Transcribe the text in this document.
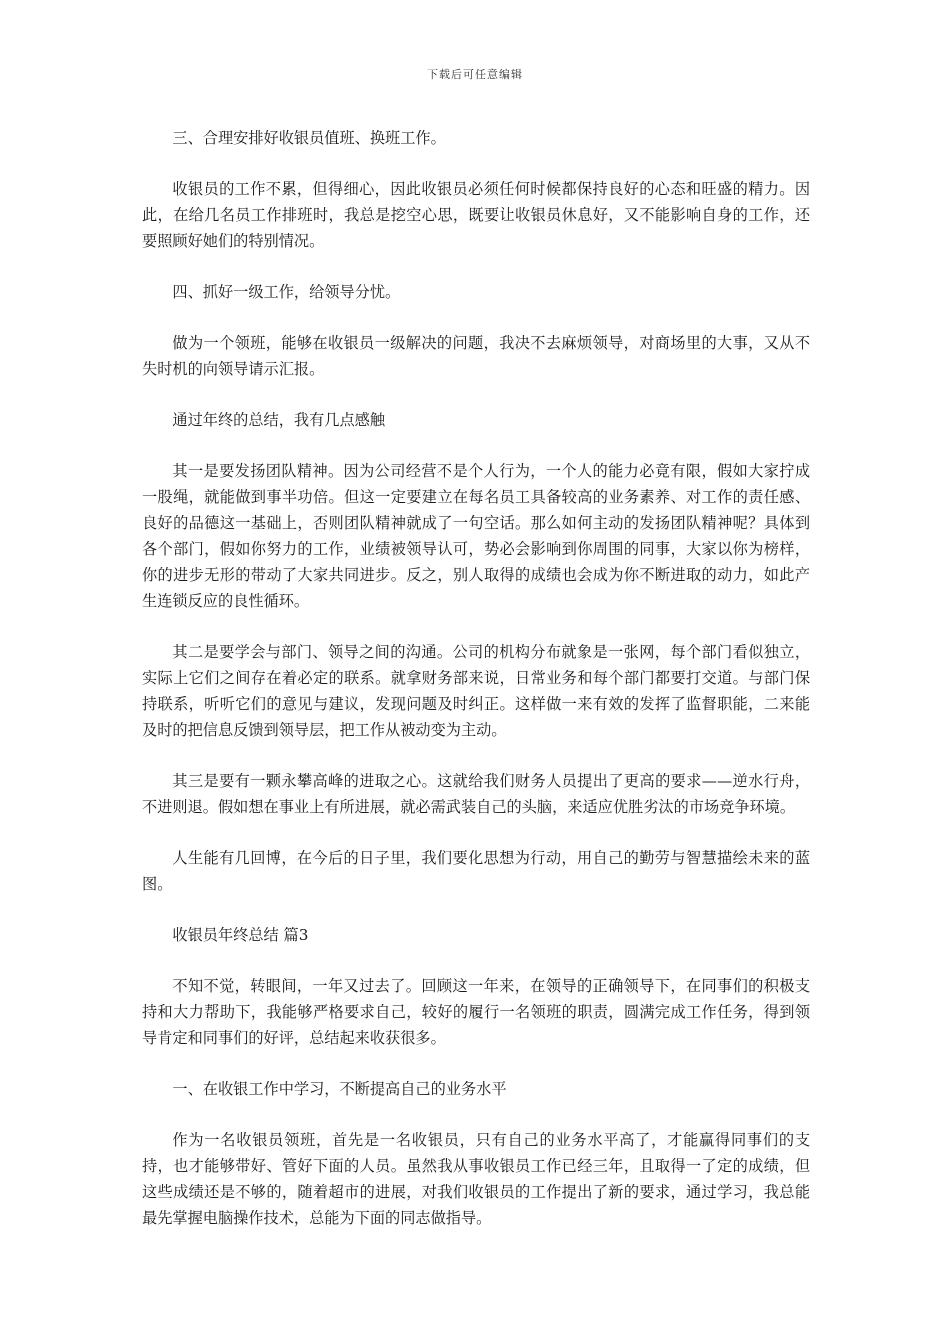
下载后可任意编辑

三、合理安排好收银员值班、换班工作。

收银员的工作不累，但得细心，因此收银员必须任何时候都保持良好的心态和旺盛的精力。因此，在给几名员工作排班时，我总是挖空心思，既要让收银员休息好，又不能影响自身的工作，还要照顾好她们的特别情况。

四、抓好一级工作，给领导分忧。

做为一个领班，能够在收银员一级解决的问题，我决不去麻烦领导，对商场里的大事，又从不失时机的向领导请示汇报。

通过年终的总结，我有几点感触

其一是要发扬团队精神。因为公司经营不是个人行为，一个人的能力必竟有限，假如大家拧成一股绳，就能做到事半功倍。但这一定要建立在每名员工具备较高的业务素养、对工作的责任感、良好的品德这一基础上，否则团队精神就成了一句空话。那么如何主动的发扬团队精神呢？具体到各个部门，假如你努力的工作，业绩被领导认可，势必会影响到你周围的同事，大家以你为榜样，你的进步无形的带动了大家共同进步。反之，别人取得的成绩也会成为你不断进取的动力，如此产生连锁反应的良性循环。

其二是要学会与部门、领导之间的沟通。公司的机构分布就象是一张网，每个部门看似独立，实际上它们之间存在着必定的联系。就拿财务部来说，日常业务和每个部门都要打交道。与部门保持联系，听听它们的意见与建议，发现问题及时纠正。这样做一来有效的发挥了监督职能，二来能及时的把信息反馈到领导层，把工作从被动变为主动。

其三是要有一颗永攀高峰的进取之心。这就给我们财务人员提出了更高的要求——逆水行舟，不进则退。假如想在事业上有所进展，就必需武装自己的头脑，来适应优胜劣汰的市场竞争环境。

人生能有几回博，在今后的日子里，我们要化思想为行动，用自己的勤劳与智慧描绘未来的蓝图。

收银员年终总结 篇3

不知不觉，转眼间，一年又过去了。回顾这一年来，在领导的正确领导下，在同事们的积极支持和大力帮助下，我能够严格要求自己，较好的履行一名领班的职责，圆满完成工作任务，得到领导肯定和同事们的好评，总结起来收获很多。

一、在收银工作中学习，不断提高自己的业务水平

作为一名收银员领班，首先是一名收银员，只有自己的业务水平高了，才能赢得同事们的支持，也才能够带好、管好下面的人员。虽然我从事收银员工作已经三年，且取得一了定的成绩，但这些成绩还是不够的，随着超市的进展，对我们收银员的工作提出了新的要求，通过学习，我总能最先掌握电脑操作技术，总能为下面的同志做指导。
